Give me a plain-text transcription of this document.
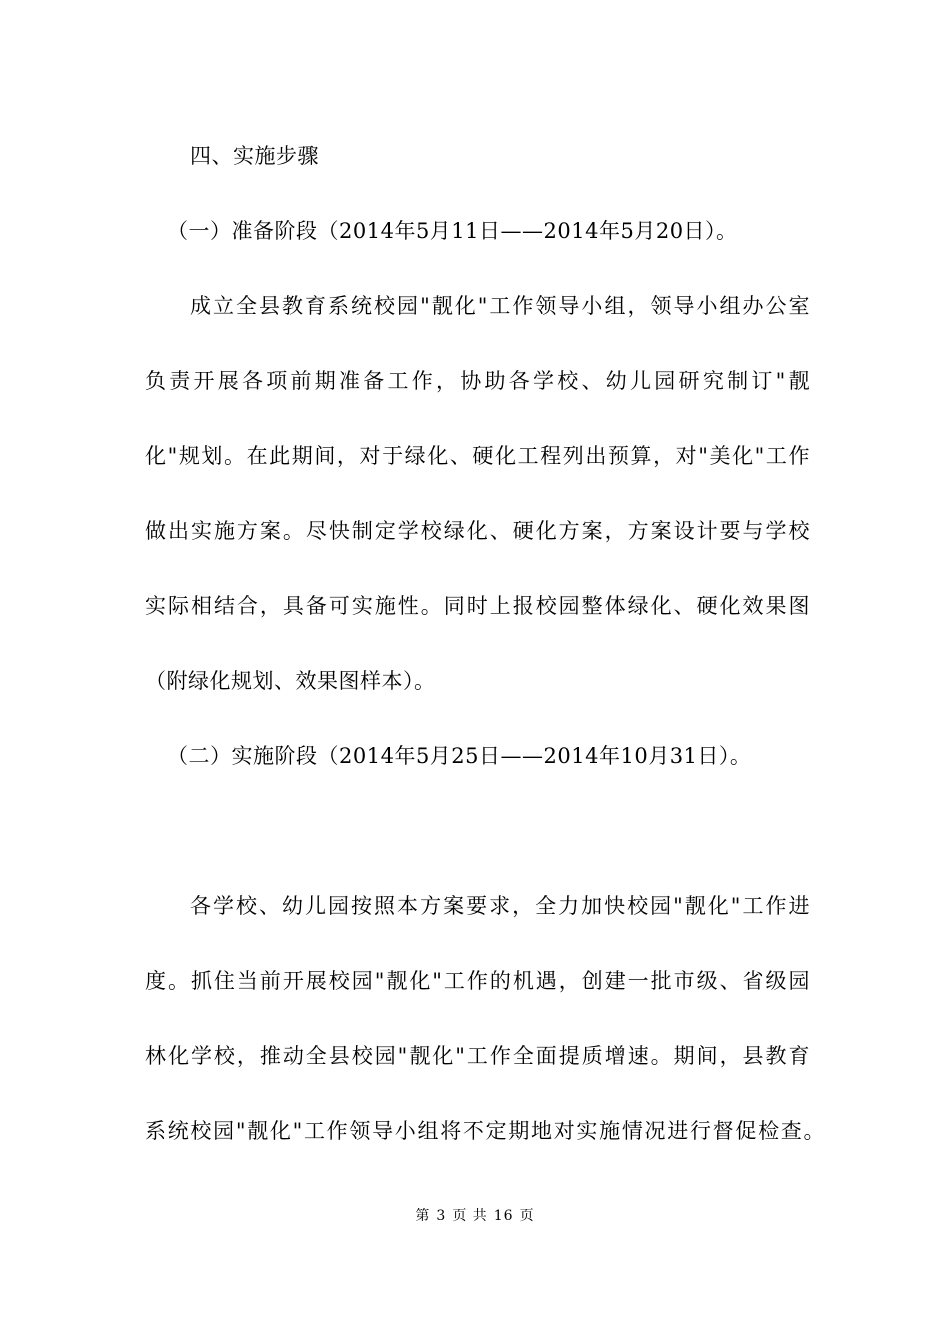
四、实施步骤
（一）准备阶段（2014年5月11日——2014年5月20日）。
成立全县教育系统校园"靓化"工作领导小组，领导小组办公室
负责开展各项前期准备工作，协助各学校、幼儿园研究制订"靓
化"规划。在此期间，对于绿化、硬化工程列出预算，对"美化"工作
做出实施方案。尽快制定学校绿化、硬化方案，方案设计要与学校
实际相结合，具备可实施性。同时上报校园整体绿化、硬化效果图
（附绿化规划、效果图样本）。
（二）实施阶段（2014年5月25日——2014年10月31日）。
各学校、幼儿园按照本方案要求，全力加快校园"靓化"工作进
度。抓住当前开展校园"靓化"工作的机遇，创建一批市级、省级园
林化学校，推动全县校园"靓化"工作全面提质增速。期间，县教育
系统校园"靓化"工作领导小组将不定期地对实施情况进行督促检查。
第 3 页 共 16 页
